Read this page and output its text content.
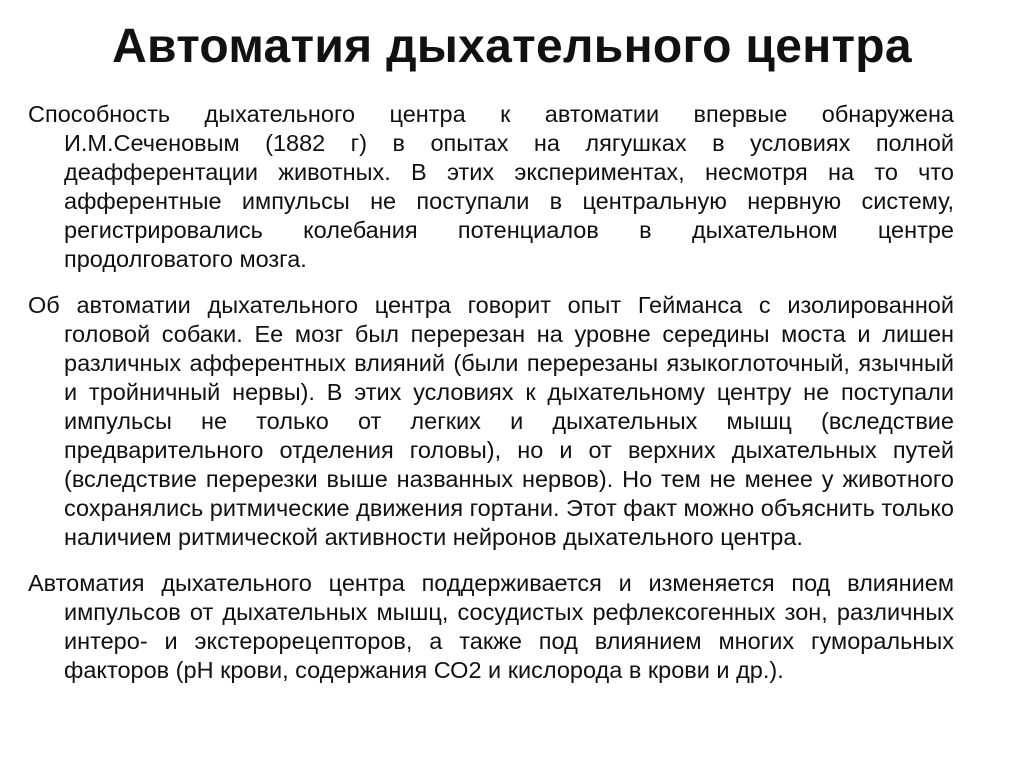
Автоматия дыхательного центра

Способность дыхательного центра к автоматии впервые обнаружена И.М.Сеченовым (1882 г) в опытах на лягушках в условиях полной деафферентации животных. В этих экспериментах, несмотря на то что афферентные импульсы не поступали в центральную нервную систему, регистрировались колебания потенциалов в дыхательном центре продолговатого мозга.

Об автоматии дыхательного центра говорит опыт Гейманса с изолированной головой собаки. Ее мозг был перерезан на уровне середины моста и лишен различных афферентных влияний (были перерезаны языкоглоточный, язычный и тройничный нервы). В этих условиях к дыхательному центру не поступали импульсы не только от легких и дыхательных мышц (вследствие предварительного отделения головы), но и от верхних дыхательных путей (вследствие перерезки выше названных нервов). Но тем не менее у животного сохранялись ритмические движения гортани. Этот факт можно объяснить только наличием ритмической активности нейронов дыхательного центра.

Автоматия дыхательного центра поддерживается и изменяется под влиянием импульсов от дыхательных мышц, сосудистых рефлексогенных зон, различных интеро- и экстерорецепторов, а также под влиянием многих гуморальных факторов (рН крови, содержания СО2 и кислорода в крови и др.).
